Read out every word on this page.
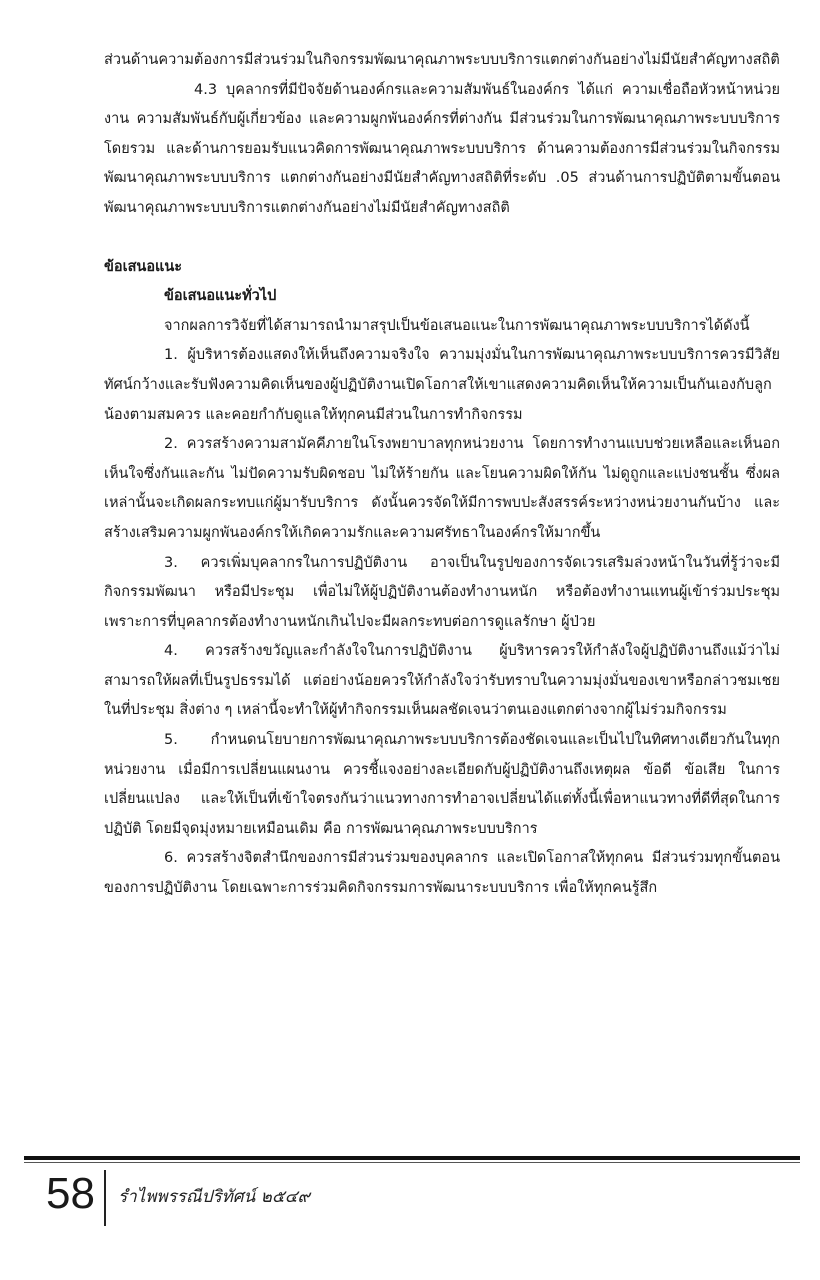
ส่วนด้านความต้องการมีส่วนร่วมในกิจกรรมพัฒนาคุณภาพระบบบริการแตกต่างกันอย่างไม่มีนัยสำคัญทางสถิติ

4.3 บุคลากรที่มีปัจจัยด้านองค์กรและความสัมพันธ์ในองค์กร ได้แก่ ความเชื่อถือหัวหน้าหน่วยงาน ความสัมพันธ์กับผู้เกี่ยวข้อง และความผูกพันองค์กรที่ต่างกัน มีส่วนร่วมในการพัฒนาคุณภาพระบบบริการโดยรวม และด้านการยอมรับแนวคิดการพัฒนาคุณภาพระบบบริการ ด้านความต้องการมีส่วนร่วมในกิจกรรมพัฒนาคุณภาพระบบบริการ แตกต่างกันอย่างมีนัยสำคัญทางสถิติที่ระดับ .05 ส่วนด้านการปฏิบัติตามขั้นตอนพัฒนาคุณภาพระบบบริการแตกต่างกันอย่างไม่มีนัยสำคัญทางสถิติ

ข้อเสนอแนะ

ข้อเสนอแนะทั่วไป

จากผลการวิจัยที่ได้สามารถนำมาสรุปเป็นข้อเสนอแนะในการพัฒนาคุณภาพระบบบริการได้ดังนี้

1. ผู้บริหารต้องแสดงให้เห็นถึงความจริงใจ ความมุ่งมั่นในการพัฒนาคุณภาพระบบบริการควรมีวิสัยทัศน์กว้างและรับฟังความคิดเห็นของผู้ปฏิบัติงานเปิดโอกาสให้เขาแสดงความคิดเห็นให้ความเป็นกันเองกับลูกน้องตามสมควร และคอยกำกับดูแลให้ทุกคนมีส่วนในการทำกิจกรรม

2. ควรสร้างความสามัคคีภายในโรงพยาบาลทุกหน่วยงาน โดยการทำงานแบบช่วยเหลือและเห็นอกเห็นใจซึ่งกันและกัน ไม่ปัดความรับผิดชอบ ไม่ให้ร้ายกัน และโยนความผิดให้กัน ไม่ดูถูกและแบ่งชนชั้น ซึ่งผลเหล่านั้นจะเกิดผลกระทบแก่ผู้มารับบริการ ดังนั้นควรจัดให้มีการพบปะสังสรรค์ระหว่างหน่วยงานกันบ้าง และสร้างเสริมความผูกพันองค์กรให้เกิดความรักและความศรัทธาในองค์กรให้มากขึ้น

3. ควรเพิ่มบุคลากรในการปฏิบัติงาน อาจเป็นในรูปของการจัดเวรเสริมล่วงหน้าในวันที่รู้ว่าจะมีกิจกรรมพัฒนา หรือมีประชุม เพื่อไม่ให้ผู้ปฏิบัติงานต้องทำงานหนัก หรือต้องทำงานแทนผู้เข้าร่วมประชุม เพราะการที่บุคลากรต้องทำงานหนักเกินไปจะมีผลกระทบต่อการดูแลรักษา ผู้ป่วย

4. ควรสร้างขวัญและกำลังใจในการปฏิบัติงาน ผู้บริหารควรให้กำลังใจผู้ปฏิบัติงานถึงแม้ว่าไม่สามารถให้ผลที่เป็นรูปธรรมได้ แต่อย่างน้อยควรให้กำลังใจว่ารับทราบในความมุ่งมั่นของเขาหรือกล่าวชมเชยในที่ประชุม สิ่งต่าง ๆ เหล่านี้จะทำให้ผู้ทำกิจกรรมเห็นผลชัดเจนว่าตนเองแตกต่างจากผู้ไม่ร่วมกิจกรรม

5. กำหนดนโยบายการพัฒนาคุณภาพระบบบริการต้องชัดเจนและเป็นไปในทิศทางเดียวกันในทุกหน่วยงาน เมื่อมีการเปลี่ยนแผนงาน ควรชี้แจงอย่างละเอียดกับผู้ปฏิบัติงานถึงเหตุผล ข้อดี ข้อเสีย ในการเปลี่ยนแปลง และให้เป็นที่เข้าใจตรงกันว่าแนวทางการทำอาจเปลี่ยนได้แต่ทั้งนี้เพื่อหาแนวทางที่ดีที่สุดในการปฏิบัติ โดยมีจุดมุ่งหมายเหมือนเดิม คือ การพัฒนาคุณภาพระบบบริการ

6. ควรสร้างจิตสำนึกของการมีส่วนร่วมของบุคลากร และเปิดโอกาสให้ทุกคน มีส่วนร่วมทุกขั้นตอนของการปฏิบัติงาน โดยเฉพาะการร่วมคิดกิจกรรมการพัฒนาระบบบริการ เพื่อให้ทุกคนรู้สึก

58 รำไพพรรณีปริทัศน์ ๒๕๔๙
